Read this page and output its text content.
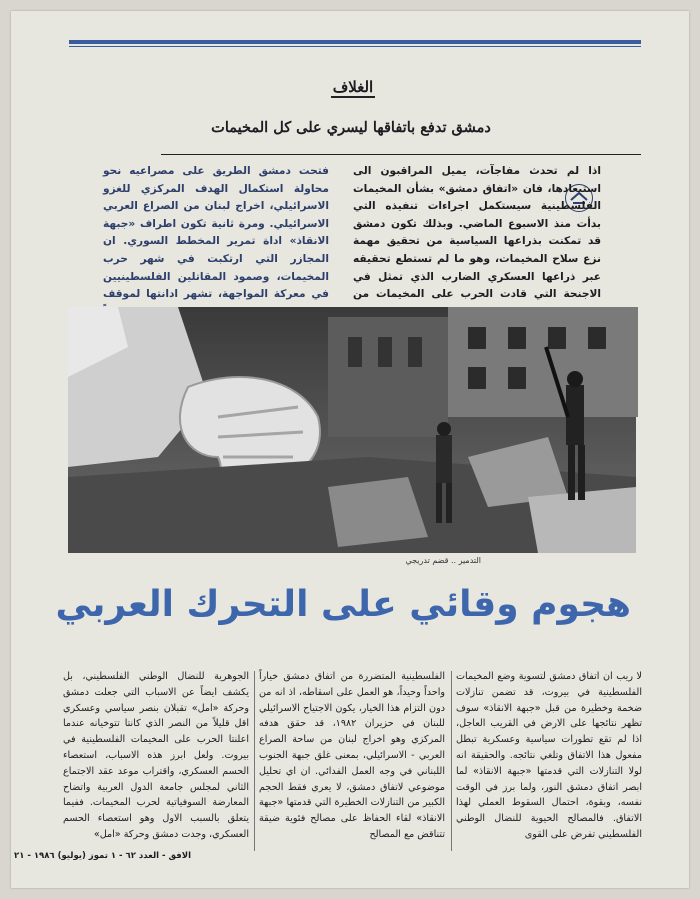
الغلاف
دمشق تدفع باتفاقها ليسري على كل المخيمات
اذا لم تحدث مفاجآت، يميل المراقبون الى استبعادها، فان «اتفاق دمشق» بشأن المخيمات الفلسطينية سيستكمل اجراءات تنفيذه التي بدأت منذ الاسبوع الماضي. وبذلك تكون دمشق قد تمكنت بذراعها السياسية من تحقيق مهمة نزع سلاح المخيمات، وهو ما لم تستطع تحقيقه عبر ذراعها العسكري الضارب الذي تمثل في الاجنحة التي قادت الحرب على المخيمات من
فتحت دمشق الطريق على مصراعيه نحو محاولة استكمال الهدف المركزي للغزو الاسرائيلي، اخراج لبنان من الصراع العربي الاسرائيلي. ومرة ثانية تكون اطراف «جبهة الانقاذ» اداة تمرير المخطط السوري. ان المجازر التي ارتكبت في شهر حرب المخيمات، وصمود المقاتلين الفلسطينيين في معركة المواجهة، تشهر ادانتها لموقف
التدمير .. قضم تدريجي
هجوم وقائي على التحرك العربي
لا ريب ان اتفاق دمشق لتسوية وضع المخيمات الفلسطينية في بيروت، قد تضمن تنازلات ضخمة وخطيرة من قبل «جبهة الانقاذ» سوف تظهر نتائجها على الارض في القريب العاجل، اذا لم تقع تطورات سياسية وعسكرية تبطل مفعول هذا الاتفاق وتلغي نتائجه. والحقيقة انه لولا التنازلات التي قدمتها «جبهة الانقاذ» لما ابصر اتفاق دمشق النور، ولما برز في الوقت نفسه، وبقوة، احتمال السقوط العملي لهذا الاتفاق. فالمصالح الحيوية للنضال الوطني الفلسطيني تفرض على القوى
الفلسطينية المتضررة من اتفاق دمشق خياراً واحداً وحيداً، هو العمل على اسقاطه، اذ انه من دون التزام هذا الخيار، يكون الاجتياح الاسرائيلي للبنان في حزيران ١٩٨٢، قد حقق هدفه المركزي وهو اخراج لبنان من ساحة الصراع العربي - الاسرائيلي، بمعنى غلق جبهة الجنوب اللبناني في وجه العمل الفدائي. ان اي تحليل موضوعي لاتفاق دمشق، لا يعري فقط الحجم الكبير من التنازلات الخطيرة التي قدمتها «جبهة الانقاذ» لقاء الحفاظ على مصالح فئوية ضيقة تتناقض مع المصالح
الجوهرية للنضال الوطني الفلسطيني، بل يكشف ايضاً عن الاسباب التي جعلت دمشق وحركة «امل» تقبلان بنصر سياسي وعسكري اقل قليلاً من النصر الذي كانتا تتوخيانه عندما اعلنتا الحرب على المخيمات الفلسطينية في بيروت. ولعل ابرز هذه الاسباب، استعصاء الحسم العسكري، واقتراب موعد عقد الاجتماع الثاني لمجلس جامعة الدول العربية واتضاح المعارضة السوفياتية لحرب المخيمات. ففيما يتعلق بالسبب الاول وهو استعصاء الحسم العسكري، وجدت دمشق وحركة «امل»
الافق - العدد ٦٢ - ١ تموز (يوليو) ١٩٨٦ - ٢١
